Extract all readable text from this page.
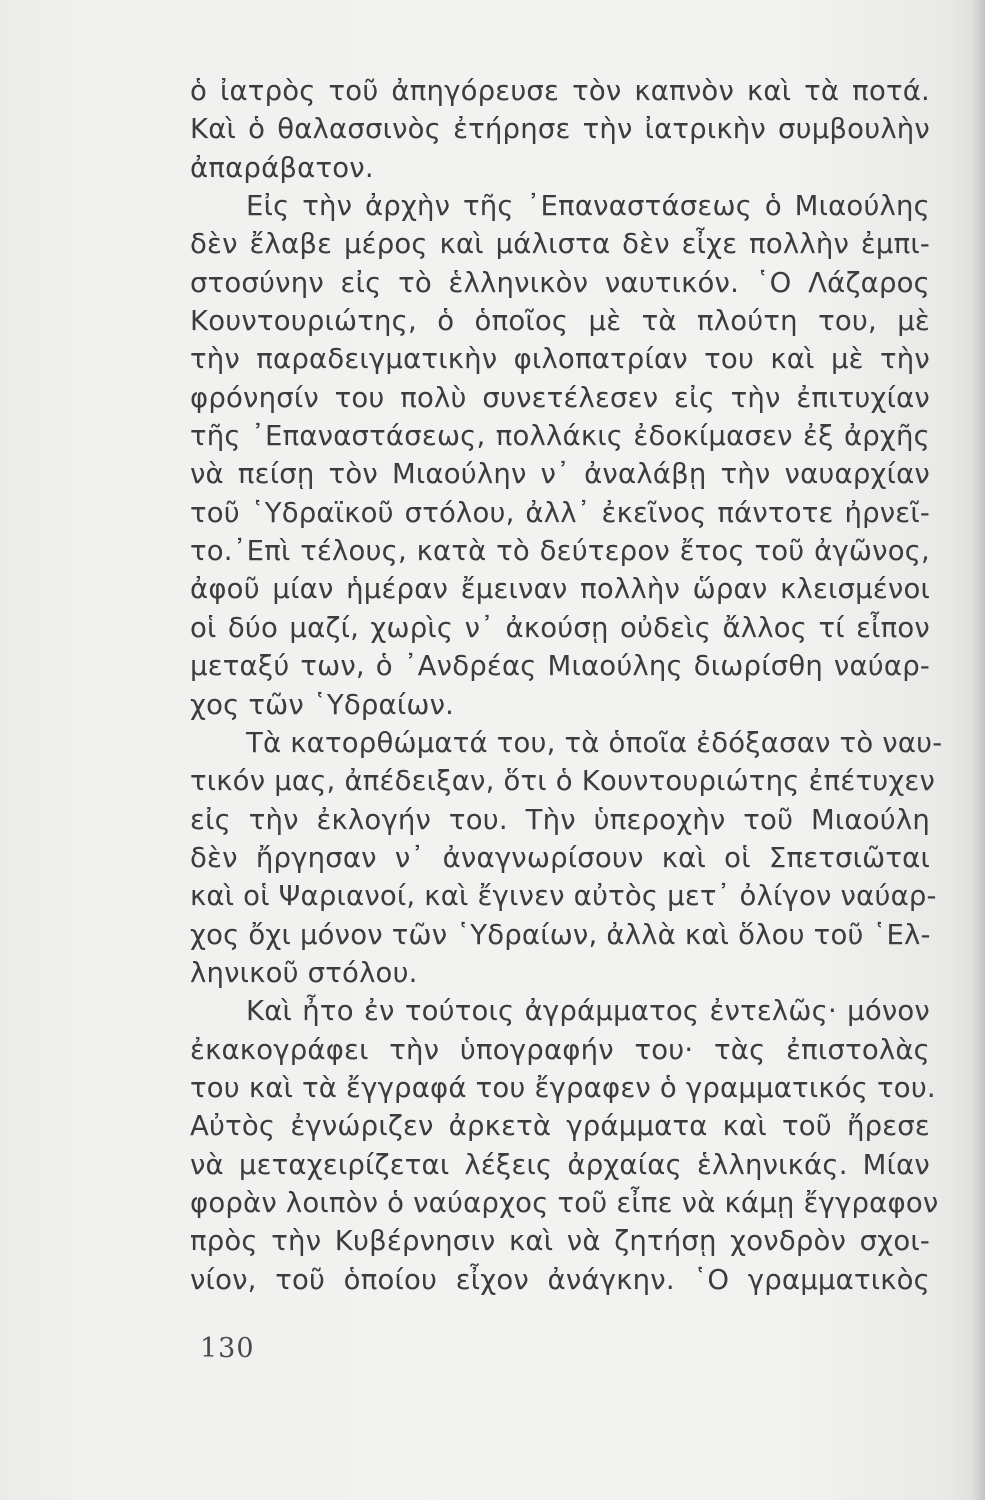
ὁ ἰατρὸς τοῦ ἀπηγόρευσε τὸν καπνὸν καὶ τὰ ποτά.
Καὶ ὁ θαλασσινὸς ἐτήρησε τὴν ἰατρικὴν συμβουλὴν
ἀπαράβατον.
Εἰς τὴν ἀρχὴν τῆς ᾿Επαναστάσεως ὁ Μιαούλης
δὲν ἔλαβε μέρος καὶ μάλιστα δὲν εἶχε πολλὴν ἐμπι-
στοσύνην εἰς τὸ ἑλληνικὸν ναυτικόν. ῾Ο Λάζαρος
Κουντουριώτης, ὁ ὁποῖος μὲ τὰ πλούτη του, μὲ
τὴν παραδειγματικὴν φιλοπατρίαν του καὶ μὲ τὴν
φρόνησίν του πολὺ συνετέλεσεν εἰς τὴν ἐπιτυχίαν
τῆς ᾿Επαναστάσεως, πολλάκις ἐδοκίμασεν ἐξ ἀρχῆς
νὰ πείσῃ τὸν Μιαούλην ν᾿ ἀναλάβῃ τὴν ναυαρχίαν
τοῦ ῾Υδραϊκοῦ στόλου, ἀλλ᾿ ἐκεῖνος πάντοτε ἠρνεῖ-
το.᾿Επὶ τέλους, κατὰ τὸ δεύτερον ἔτος τοῦ ἀγῶνος,
ἀφοῦ μίαν ἡμέραν ἔμειναν πολλὴν ὥραν κλεισμένοι
οἱ δύο μαζί, χωρὶς ν᾿ ἀκούσῃ οὐδεὶς ἄλλος τί εἶπον
μεταξύ των, ὁ ᾿Ανδρέας Μιαούλης διωρίσθη ναύαρ-
χος τῶν ῾Υδραίων.
Τὰ κατορθώματά του, τὰ ὁποῖα ἐδόξασαν τὸ ναυ-
τικόν μας, ἀπέδειξαν, ὅτι ὁ Κουντουριώτης ἐπέτυχεν
εἰς τὴν ἐκλογήν του. Τὴν ὑπεροχὴν τοῦ Μιαούλη
δὲν ἤργησαν ν᾿ ἀναγνωρίσουν καὶ οἱ Σπετσιῶται
καὶ οἱ Ψαριανοί, καὶ ἔγινεν αὐτὸς μετ᾿ ὀλίγον ναύαρ-
χος ὄχι μόνον τῶν ῾Υδραίων, ἀλλὰ καὶ ὅλου τοῦ ῾Ελ-
ληνικοῦ στόλου.
Καὶ ἦτο ἐν τούτοις ἀγράμματος ἐντελῶς· μόνον
ἐκακογράφει τὴν ὑπογραφήν του· τὰς ἐπιστολὰς
του καὶ τὰ ἔγγραφά του ἔγραφεν ὁ γραμματικός του.
Αὐτὸς ἐγνώριζεν ἀρκετὰ γράμματα καὶ τοῦ ἤρεσε
νὰ μεταχειρίζεται λέξεις ἀρχαίας ἑλληνικάς. Μίαν
φορὰν λοιπὸν ὁ ναύαρχος τοῦ εἶπε νὰ κάμῃ ἔγγραφον
πρὸς τὴν Κυβέρνησιν καὶ νὰ ζητήσῃ χονδρὸν σχοι-
νίον, τοῦ ὁποίου εἶχον ἀνάγκην. ῾Ο γραμματικὸς
130
